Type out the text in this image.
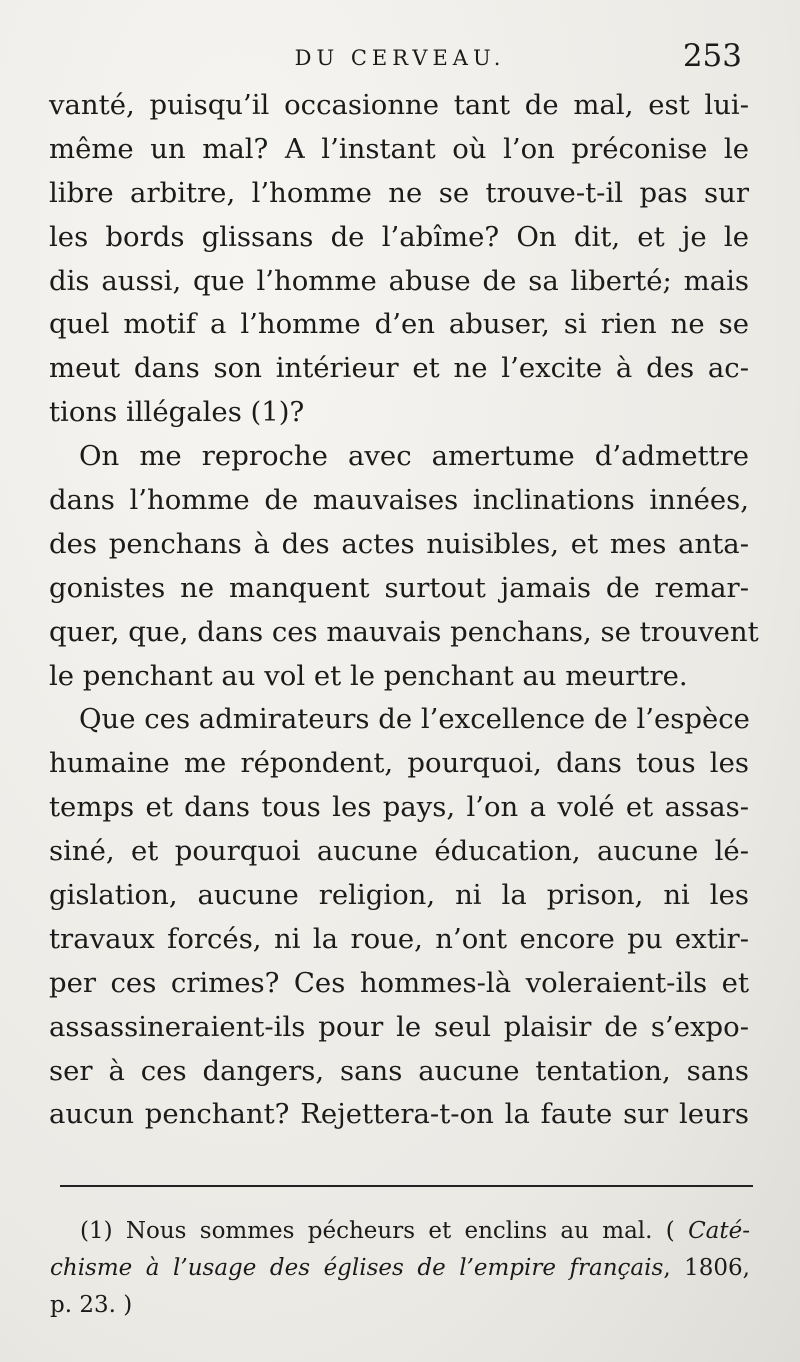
DU CERVEAU.	253
vanté, puisqu’il occasionne tant de mal, est lui-
même un mal? A l’instant où l’on préconise le
libre arbitre, l’homme ne se trouve-t-il pas sur
les bords glissans de l’abîme? On dit, et je le
dis aussi, que l’homme abuse de sa liberté; mais
quel motif a l’homme d’en abuser, si rien ne se
meut dans son intérieur et ne l’excite à des ac-
tions illégales (1)?
On me reproche avec amertume d’admettre
dans l’homme de mauvaises inclinations innées,
des penchans à des actes nuisibles, et mes anta-
gonistes ne manquent surtout jamais de remar-
quer, que, dans ces mauvais penchans, se trouvent
le penchant au vol et le penchant au meurtre.
Que ces admirateurs de l’excellence de l’espèce
humaine me répondent, pourquoi, dans tous les
temps et dans tous les pays, l’on a volé et assas-
siné, et pourquoi aucune éducation, aucune lé-
gislation, aucune religion, ni la prison, ni les
travaux forcés, ni la roue, n’ont encore pu extir-
per ces crimes? Ces hommes-là voleraient-ils et
assassineraient-ils pour le seul plaisir de s’expo-
ser à ces dangers, sans aucune tentation, sans
aucun penchant? Rejettera-t-on la faute sur leurs
(1) Nous sommes pécheurs et enclins au mal. ( Caté-
chisme à l’usage des églises de l’empire français, 1806,
p. 23. )
